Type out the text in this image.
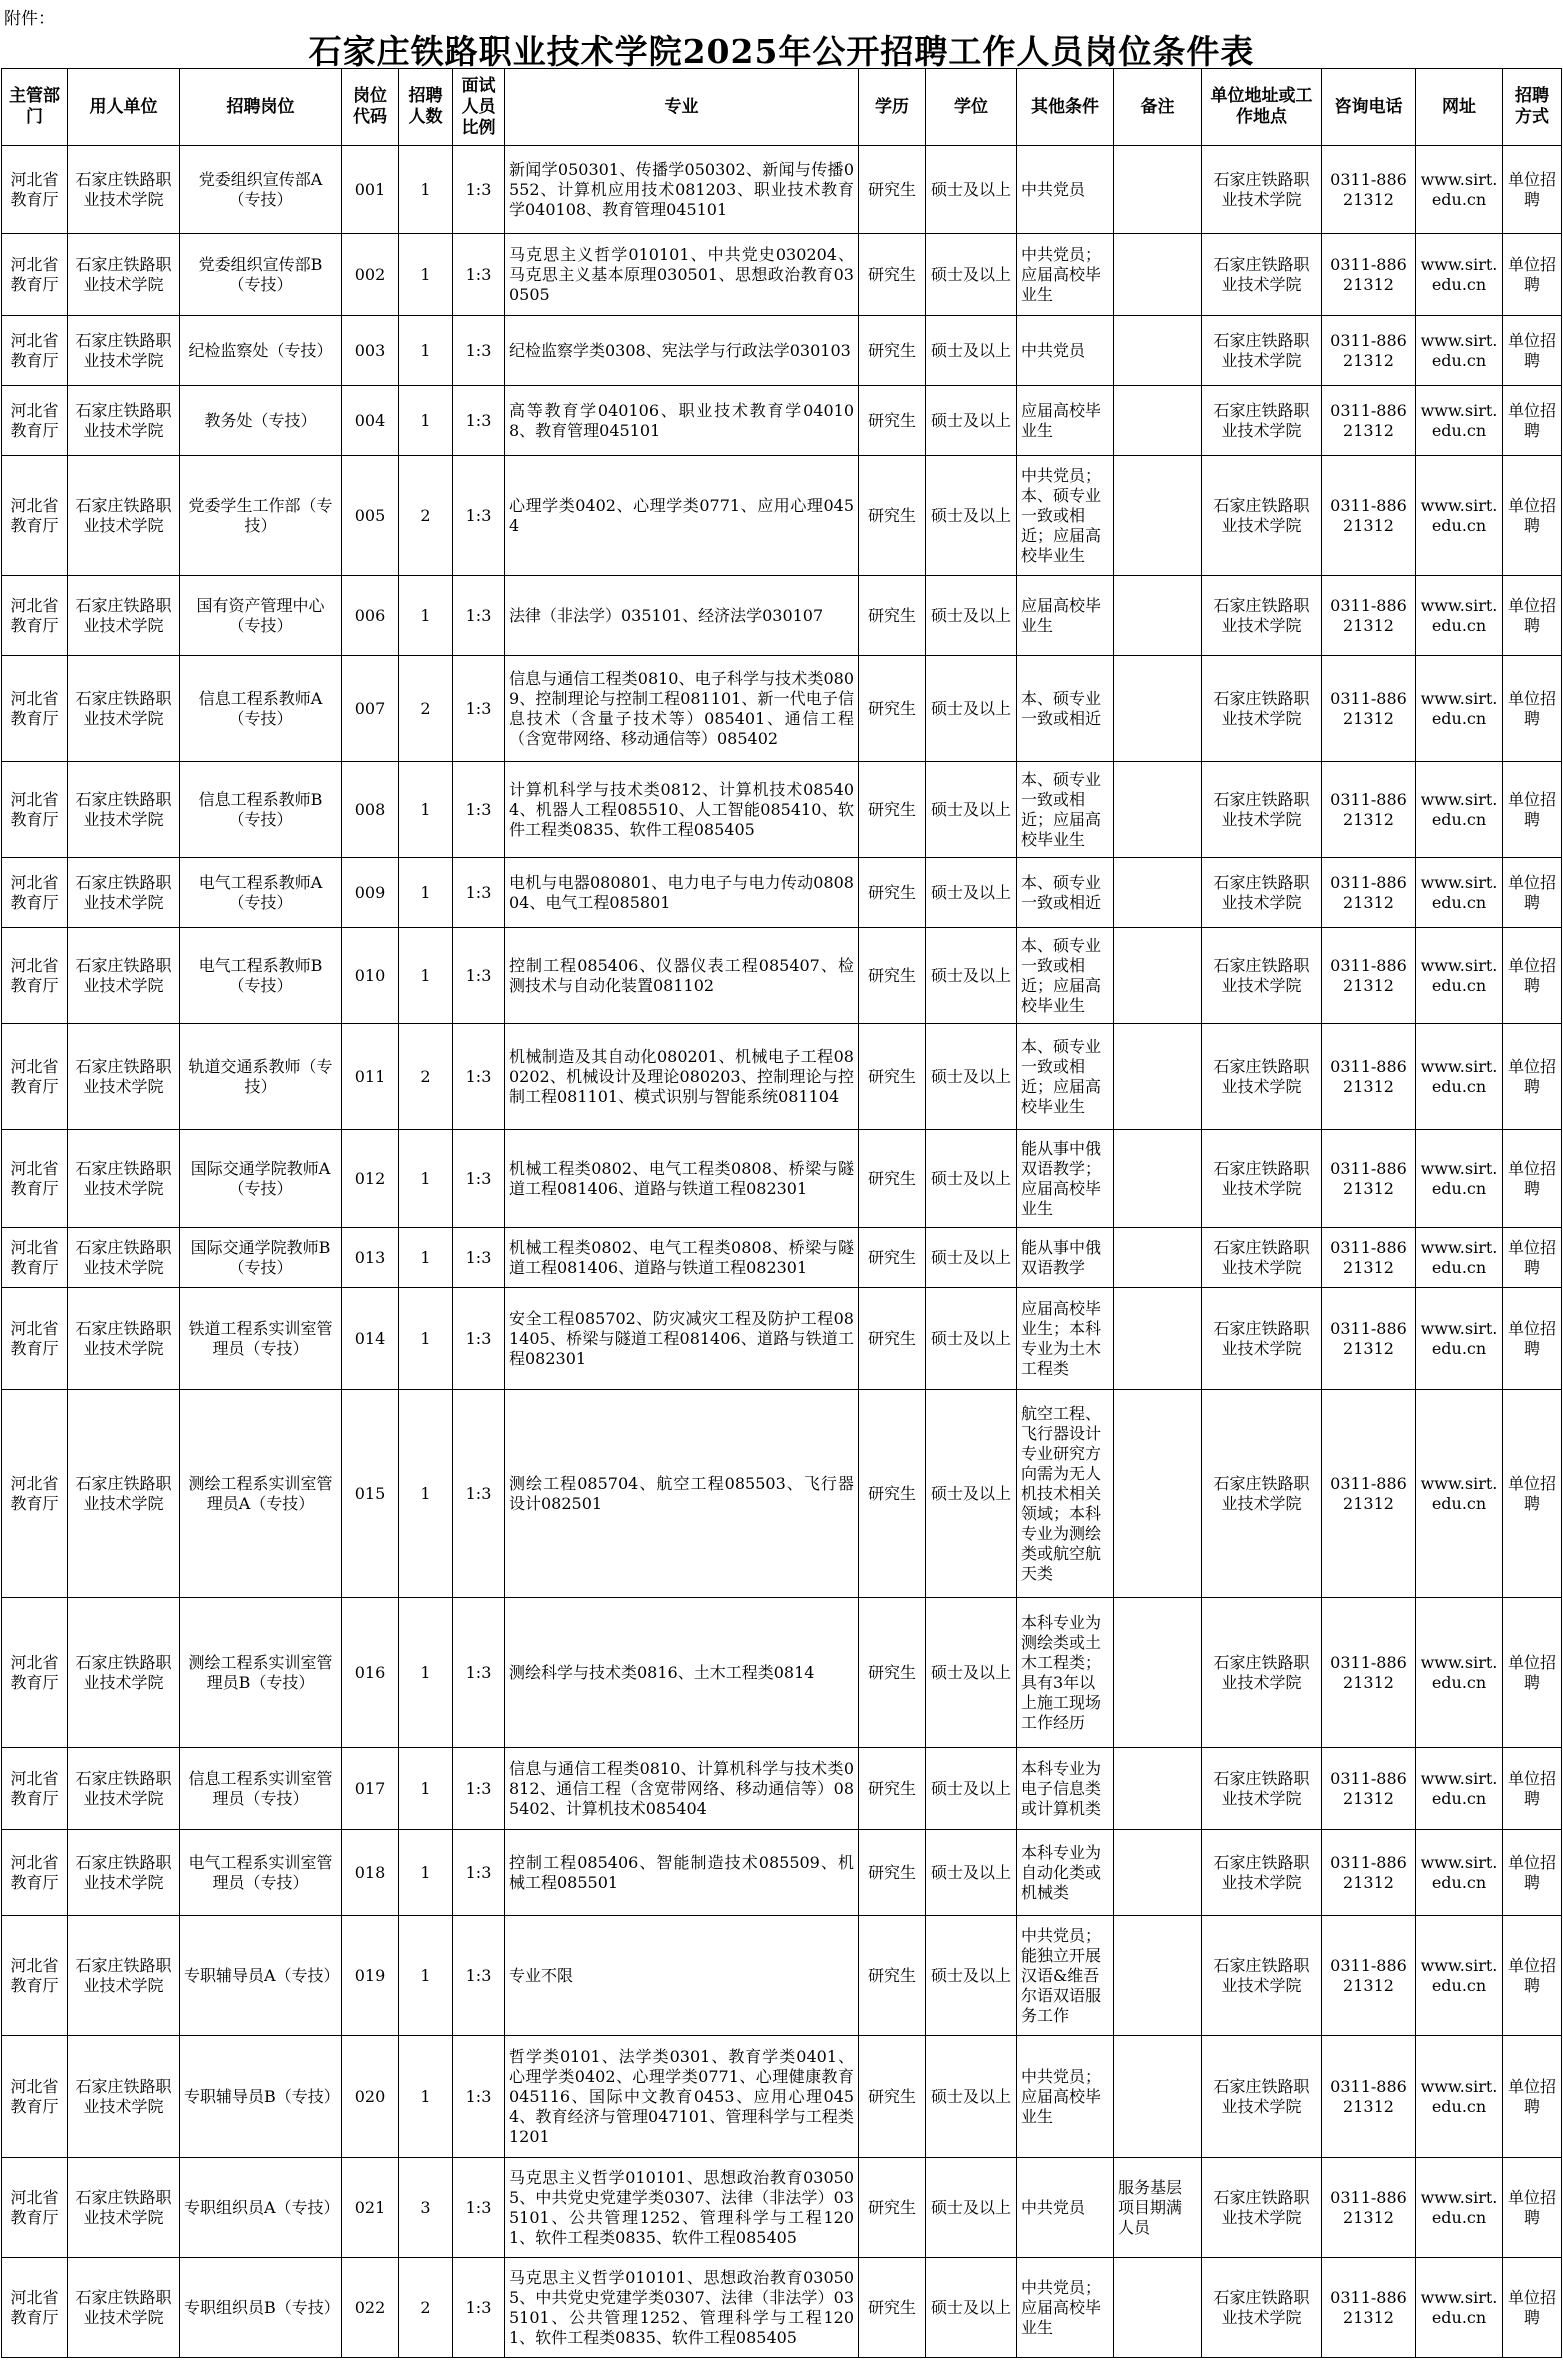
附件：
石家庄铁路职业技术学院2025年公开招聘工作人员岗位条件表
主管部门	用人单位	招聘岗位	岗位代码	招聘人数	面试人员比例	专业	学历	学位	其他条件	备注	单位地址或工作地点	咨询电话	网址	招聘方式
河北省教育厅	石家庄铁路职业技术学院	党委组织宣传部A（专技）	001	1	1:3	新闻学050301、传播学050302、新闻与传播0552、计算机应用技术081203、职业技术教育学040108、教育管理045101	研究生	硕士及以上	中共党员		石家庄铁路职业技术学院	0311-88621312	www.sirt.edu.cn	单位招聘
河北省教育厅	石家庄铁路职业技术学院	党委组织宣传部B（专技）	002	1	1:3	马克思主义哲学010101、中共党史030204、马克思主义基本原理030501、思想政治教育030505	研究生	硕士及以上	中共党员；应届高校毕业生		石家庄铁路职业技术学院	0311-88621312	www.sirt.edu.cn	单位招聘
河北省教育厅	石家庄铁路职业技术学院	纪检监察处（专技）	003	1	1:3	纪检监察学类0308、宪法学与行政法学030103	研究生	硕士及以上	中共党员		石家庄铁路职业技术学院	0311-88621312	www.sirt.edu.cn	单位招聘
河北省教育厅	石家庄铁路职业技术学院	教务处（专技）	004	1	1:3	高等教育学040106、职业技术教育学040108、教育管理045101	研究生	硕士及以上	应届高校毕业生		石家庄铁路职业技术学院	0311-88621312	www.sirt.edu.cn	单位招聘
河北省教育厅	石家庄铁路职业技术学院	党委学生工作部（专技）	005	2	1:3	心理学类0402、心理学类0771、应用心理0454	研究生	硕士及以上	中共党员；本、硕专业一致或相近；应届高校毕业生		石家庄铁路职业技术学院	0311-88621312	www.sirt.edu.cn	单位招聘
河北省教育厅	石家庄铁路职业技术学院	国有资产管理中心（专技）	006	1	1:3	法律（非法学）035101、经济法学030107	研究生	硕士及以上	应届高校毕业生		石家庄铁路职业技术学院	0311-88621312	www.sirt.edu.cn	单位招聘
河北省教育厅	石家庄铁路职业技术学院	信息工程系教师A（专技）	007	2	1:3	信息与通信工程类0810、电子科学与技术类0809、控制理论与控制工程081101、新一代电子信息技术（含量子技术等）085401、通信工程（含宽带网络、移动通信等）085402	研究生	硕士及以上	本、硕专业一致或相近		石家庄铁路职业技术学院	0311-88621312	www.sirt.edu.cn	单位招聘
河北省教育厅	石家庄铁路职业技术学院	信息工程系教师B（专技）	008	1	1:3	计算机科学与技术类0812、计算机技术085404、机器人工程085510、人工智能085410、软件工程类0835、软件工程085405	研究生	硕士及以上	本、硕专业一致或相近；应届高校毕业生		石家庄铁路职业技术学院	0311-88621312	www.sirt.edu.cn	单位招聘
河北省教育厅	石家庄铁路职业技术学院	电气工程系教师A（专技）	009	1	1:3	电机与电器080801、电力电子与电力传动080804、电气工程085801	研究生	硕士及以上	本、硕专业一致或相近		石家庄铁路职业技术学院	0311-88621312	www.sirt.edu.cn	单位招聘
河北省教育厅	石家庄铁路职业技术学院	电气工程系教师B（专技）	010	1	1:3	控制工程085406、仪器仪表工程085407、检测技术与自动化装置081102	研究生	硕士及以上	本、硕专业一致或相近；应届高校毕业生		石家庄铁路职业技术学院	0311-88621312	www.sirt.edu.cn	单位招聘
河北省教育厅	石家庄铁路职业技术学院	轨道交通系教师（专技）	011	2	1:3	机械制造及其自动化080201、机械电子工程080202、机械设计及理论080203、控制理论与控制工程081101、模式识别与智能系统081104	研究生	硕士及以上	本、硕专业一致或相近；应届高校毕业生		石家庄铁路职业技术学院	0311-88621312	www.sirt.edu.cn	单位招聘
河北省教育厅	石家庄铁路职业技术学院	国际交通学院教师A（专技）	012	1	1:3	机械工程类0802、电气工程类0808、桥梁与隧道工程081406、道路与铁道工程082301	研究生	硕士及以上	能从事中俄双语教学；应届高校毕业生		石家庄铁路职业技术学院	0311-88621312	www.sirt.edu.cn	单位招聘
河北省教育厅	石家庄铁路职业技术学院	国际交通学院教师B（专技）	013	1	1:3	机械工程类0802、电气工程类0808、桥梁与隧道工程081406、道路与铁道工程082301	研究生	硕士及以上	能从事中俄双语教学		石家庄铁路职业技术学院	0311-88621312	www.sirt.edu.cn	单位招聘
河北省教育厅	石家庄铁路职业技术学院	铁道工程系实训室管理员（专技）	014	1	1:3	安全工程085702、防灾减灾工程及防护工程081405、桥梁与隧道工程081406、道路与铁道工程082301	研究生	硕士及以上	应届高校毕业生；本科专业为土木工程类		石家庄铁路职业技术学院	0311-88621312	www.sirt.edu.cn	单位招聘
河北省教育厅	石家庄铁路职业技术学院	测绘工程系实训室管理员A（专技）	015	1	1:3	测绘工程085704、航空工程085503、飞行器设计082501	研究生	硕士及以上	航空工程、飞行器设计专业研究方向需为无人机技术相关领域；本科专业为测绘类或航空航天类		石家庄铁路职业技术学院	0311-88621312	www.sirt.edu.cn	单位招聘
河北省教育厅	石家庄铁路职业技术学院	测绘工程系实训室管理员B（专技）	016	1	1:3	测绘科学与技术类0816、土木工程类0814	研究生	硕士及以上	本科专业为测绘类或土木工程类；具有3年以上施工现场工作经历		石家庄铁路职业技术学院	0311-88621312	www.sirt.edu.cn	单位招聘
河北省教育厅	石家庄铁路职业技术学院	信息工程系实训室管理员（专技）	017	1	1:3	信息与通信工程类0810、计算机科学与技术类0812、通信工程（含宽带网络、移动通信等）085402、计算机技术085404	研究生	硕士及以上	本科专业为电子信息类或计算机类		石家庄铁路职业技术学院	0311-88621312	www.sirt.edu.cn	单位招聘
河北省教育厅	石家庄铁路职业技术学院	电气工程系实训室管理员（专技）	018	1	1:3	控制工程085406、智能制造技术085509、机械工程085501	研究生	硕士及以上	本科专业为自动化类或机械类		石家庄铁路职业技术学院	0311-88621312	www.sirt.edu.cn	单位招聘
河北省教育厅	石家庄铁路职业技术学院	专职辅导员A（专技）	019	1	1:3	专业不限	研究生	硕士及以上	中共党员；能独立开展汉语&维吾尔语双语服务工作		石家庄铁路职业技术学院	0311-88621312	www.sirt.edu.cn	单位招聘
河北省教育厅	石家庄铁路职业技术学院	专职辅导员B（专技）	020	1	1:3	哲学类0101、法学类0301、教育学类0401、心理学类0402、心理学类0771、心理健康教育045116、国际中文教育0453、应用心理0454、教育经济与管理047101、管理科学与工程类1201	研究生	硕士及以上	中共党员；应届高校毕业生		石家庄铁路职业技术学院	0311-88621312	www.sirt.edu.cn	单位招聘
河北省教育厅	石家庄铁路职业技术学院	专职组织员A（专技）	021	3	1:3	马克思主义哲学010101、思想政治教育030505、中共党史党建学类0307、法律（非法学）035101、公共管理1252、管理科学与工程1201、软件工程类0835、软件工程085405	研究生	硕士及以上	中共党员	服务基层项目期满人员	石家庄铁路职业技术学院	0311-88621312	www.sirt.edu.cn	单位招聘
河北省教育厅	石家庄铁路职业技术学院	专职组织员B（专技）	022	2	1:3	马克思主义哲学010101、思想政治教育030505、中共党史党建学类0307、法律（非法学）035101、公共管理1252、管理科学与工程1201、软件工程类0835、软件工程085405	研究生	硕士及以上	中共党员；应届高校毕业生		石家庄铁路职业技术学院	0311-88621312	www.sirt.edu.cn	单位招聘
